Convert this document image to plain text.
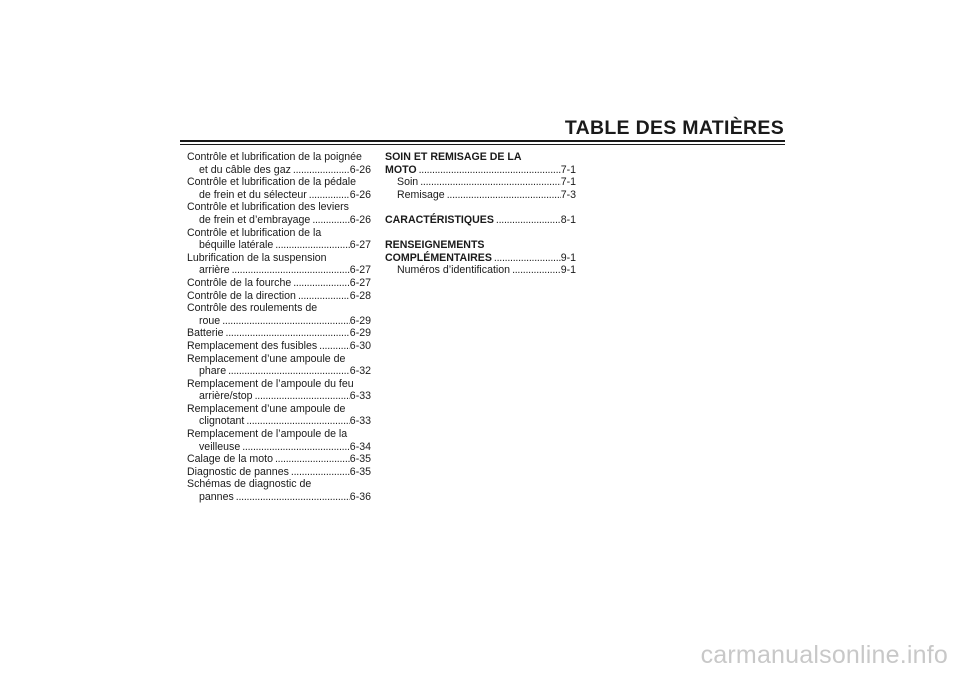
TABLE DES MATIÈRES
Contrôle et lubrification de la poignée
et du câble des gaz . . .	6-26
Contrôle et lubrification de la pédale
de frein et du sélecteur . . .	6-26
Contrôle et lubrification des leviers
de frein et d’embrayage . . .	6-26
Contrôle et lubrification de la
béquille latérale . . .	6-27
Lubrification de la suspension
arrière . . .	6-27
Contrôle de la fourche . . .	6-27
Contrôle de la direction . . .	6-28
Contrôle des roulements de
roue . . .	6-29
Batterie . . .	6-29
Remplacement des fusibles . . .	6-30
Remplacement d’une ampoule de
phare . . .	6-32
Remplacement de l’ampoule du feu
arrière/stop . . .	6-33
Remplacement d’une ampoule de
clignotant . . .	6-33
Remplacement de l’ampoule de la
veilleuse . . .	6-34
Calage de la moto . . .	6-35
Diagnostic de pannes . . .	6-35
Schémas de diagnostic de
pannes . . .	6-36
SOIN ET REMISAGE DE LA
MOTO . . .	7-1
Soin . . .	7-1
Remisage . . .	7-3
CARACTÉRISTIQUES . . .	8-1
RENSEIGNEMENTS
COMPLÉMENTAIRES . . .	9-1
Numéros d’identification . . .	9-1
carmanualsonline.info
